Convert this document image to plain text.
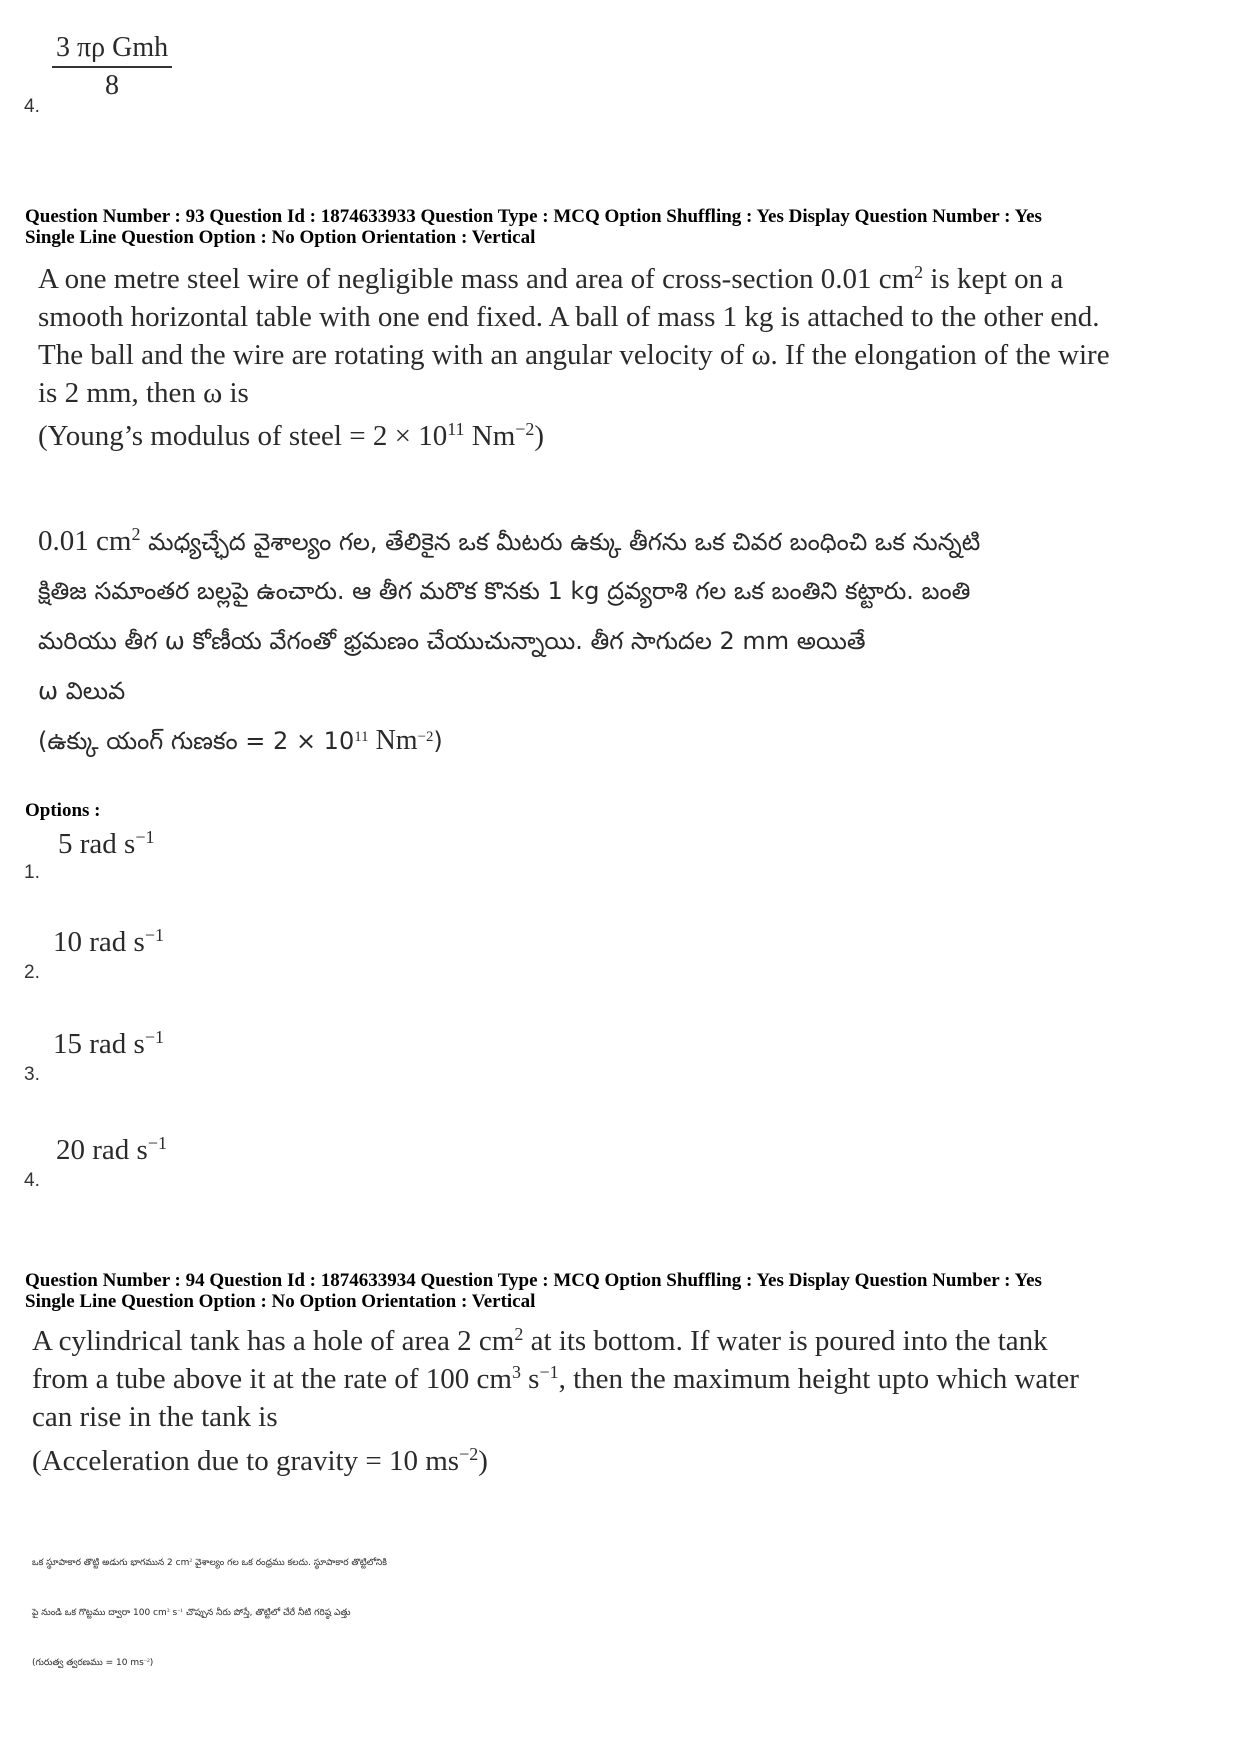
$\frac{\text{3 πρ Gmh}}{8}$
4.
Question Number : 93 Question Id : 1874633933 Question Type : MCQ Option Shuffling : Yes Display Question Number : Yes
Single Line Question Option : No Option Orientation : Vertical
A one metre steel wire of negligible mass and area of cross-section 0.01 $cm^2$ is kept on a
smooth horizontal table with one end fixed. A ball of mass 1 kg is attached to the other end.
The ball and the wire are rotating with an angular velocity of ω. If the elongation of the wire
is 2 mm, then ω is
(Young’s modulus of steel = $2 \times 10^{11}$ $Nm^{-2}$)
0.01 $cm^2$ మధ్యచ్ఛేద వైశాల్యం గల, తేలికైన ఒక మీటరు ఉక్కు తీగను ఒక చివర బంధించి ఒక నున్నటి
క్షితిజ సమాంతర బల్లపై ఉంచారు. ఆ తీగ మరొక కొనకు 1 kg ద్రవ్యరాశి గల ఒక బంతిని కట్టారు. బంతి
మరియు తీగ ω కోణీయ వేగంతో భ్రమణం చేయుచున్నాయి. తీగ సాగుదల 2 mm అయితే
ω విలువ
(ఉక్కు యంగ్ గుణకం = $2 \times 10^{11}$ $Nm^{-2}$)
Options :
5 rad $s^{-1}$
1.
10 rad $s^{-1}$
2.
15 rad $s^{-1}$
3.
20 rad $s^{-1}$
4.
Question Number : 94 Question Id : 1874633934 Question Type : MCQ Option Shuffling : Yes Display Question Number : Yes
Single Line Question Option : No Option Orientation : Vertical
A cylindrical tank has a hole of area 2 $cm^2$ at its bottom. If water is poured into the tank
from a tube above it at the rate of 100 $cm^3$ $s^{-1}$, then the maximum height upto which water
can rise in the tank is
(Acceleration due to gravity = 10 $ms^{-2}$)
ఒక స్థూపాకార తొట్టి అడుగు భాగమున 2 $cm^2$ వైశాల్యం గల ఒక రంధ్రము కలదు. స్థూపాకార తొట్టిలోనికి
పై నుండి ఒక గొట్టము ద్వారా 100 $cm^3$ $s^{-1}$ చొప్పున నీరు పోస్తే, తొట్టిలో చేరే నీటి గరిష్ఠ ఎత్తు
(గురుత్వ త్వరణము = 10 $ms^{-2}$)
